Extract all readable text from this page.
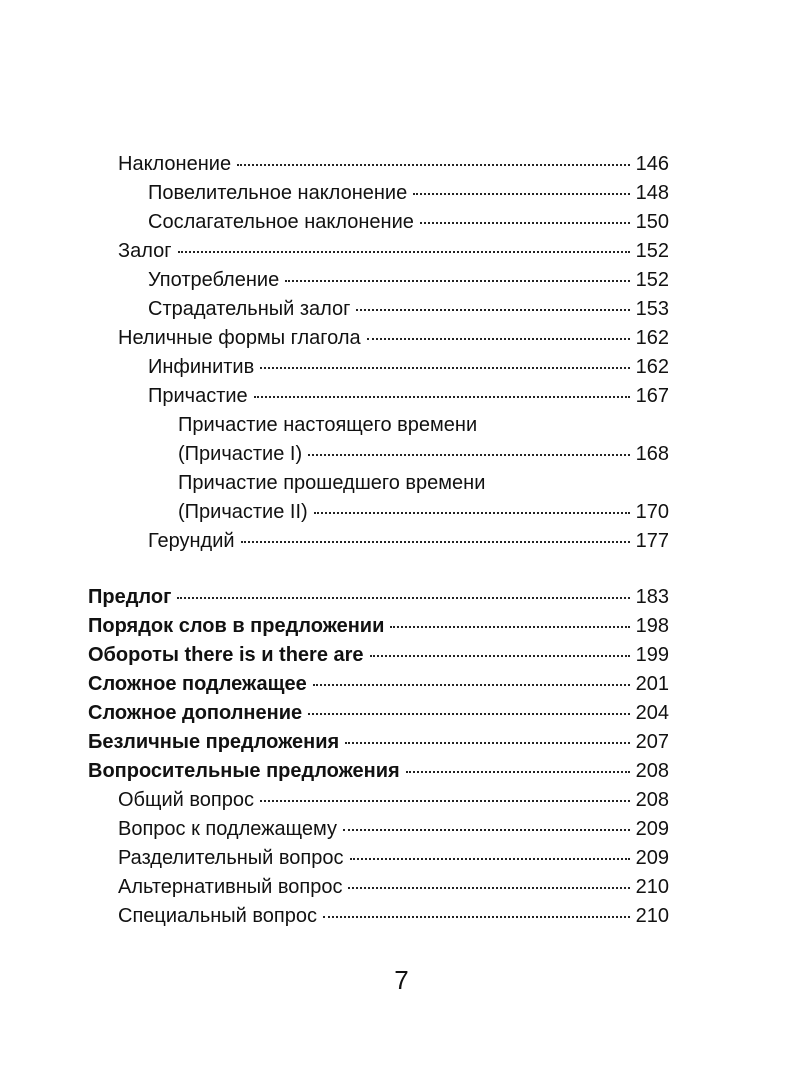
Наклонение	146
Повелительное наклонение	148
Сослагательное наклонение	150
Залог	152
Употребление	152
Страдательный залог	153
Неличные формы глагола	162
Инфинитив	162
Причастие	167
Причастие настоящего времени
(Причастие I)	168
Причастие прошедшего времени
(Причастие II)	170
Герундий	177
Предлог	183
Порядок слов в предложении	198
Обороты there is и there are	199
Сложное подлежащее	201
Сложное дополнение	204
Безличные предложения	207
Вопросительные предложения	208
Общий вопрос	208
Вопрос к подлежащему	209
Разделительный вопрос	209
Альтернативный вопрос	210
Специальный вопрос	210
7
